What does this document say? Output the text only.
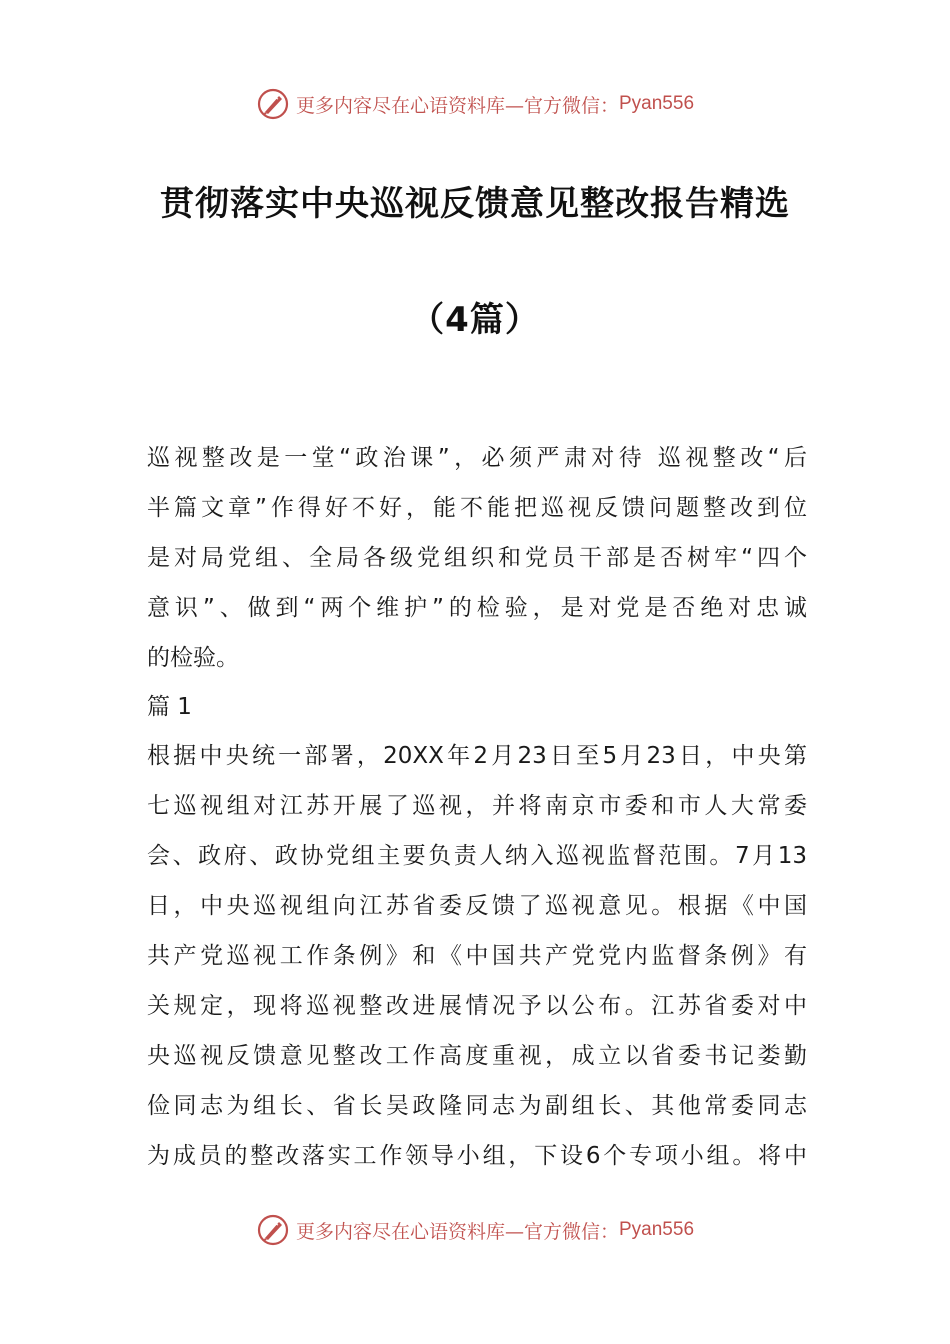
更多内容尽在心语资料库—官方微信： Pyan556
贯彻落实中央巡视反馈意见整改报告精选
（4篇）
巡视整改是一堂“政治课”，必须严肃对待 巡视整改“后
半篇文章”作得好不好，能不能把巡视反馈问题整改到位
是对局党组、全局各级党组织和党员干部是否树牢“四个
意识”、做到“两个维护”的检验，是对党是否绝对忠诚
的检验。
篇 1
根据中央统一部署，20XX年2月23日至5月23日，中央第
七巡视组对江苏开展了巡视，并将南京市委和市人大常委
会、政府、政协党组主要负责人纳入巡视监督范围。7月13
日，中央巡视组向江苏省委反馈了巡视意见。根据《中国
共产党巡视工作条例》和《中国共产党党内监督条例》有
关规定，现将巡视整改进展情况予以公布。江苏省委对中
央巡视反馈意见整改工作高度重视，成立以省委书记娄勤
俭同志为组长、省长吴政隆同志为副组长、其他常委同志
为成员的整改落实工作领导小组，下设6个专项小组。将中
更多内容尽在心语资料库—官方微信： Pyan556
